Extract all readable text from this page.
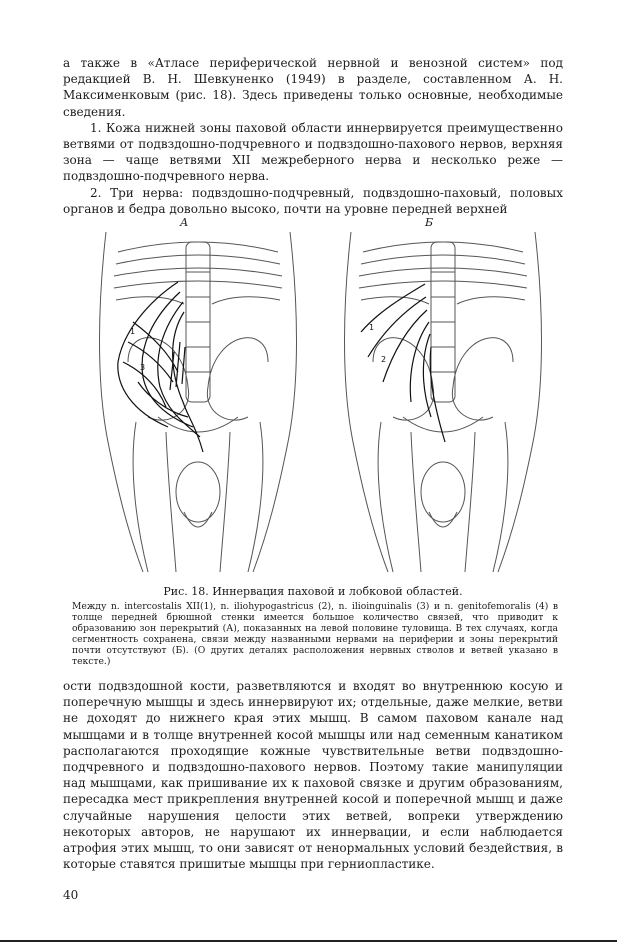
а также в «Атласе периферической нервной и венозной систем» под редакцией В. Н. Шевкуненко (1949) в разделе, составленном А. Н. Максименковым (рис. 18). Здесь приведены только основные, необходимые сведения.

1. Кожа нижней зоны паховой области иннервируется преимущественно ветвями от подвздошно-подчревного и подвздошно-пахового нервов, верхняя зона — чаще ветвями XII межреберного нерва и несколько реже — подвздошно-подчревного нерва.

2. Три нерва: подвздошно-подчревный, подвздошно-паховый, половых органов и бедра довольно высоко, почти на уровне передней верхней

А
1
3
Б
1
2
Рис. 18. Иннервация паховой и лобковой областей.
Между n. intercostalis XII(1), n. iliohypogastricus (2), n. ilioinguinalis (3) и n. genitofemoralis (4) в толще передней брюшной стенки имеется большое количество связей, что приводит к образованию зон перекрытий (А), показанных на левой половине туловища. В тех случаях, когда сегментность сохранена, связи между названными нервами на периферии и зоны перекрытий почти отсутствуют (Б). (О других деталях расположения нервных стволов и ветвей указано в тексте.)

ости подвздошной кости, разветвляются и входят во внутреннюю косую и поперечную мышцы и здесь иннервируют их; отдельные, даже мелкие, ветви не доходят до нижнего края этих мышц. В самом паховом канале над мышцами и в толще внутренней косой мышцы или над семенным канатиком располагаются проходящие кожные чувствительные ветви подвздошно-подчревного и подвздошно-пахового нервов. Поэтому такие манипуляции над мышцами, как пришивание их к паховой связке и другим образованиям, пересадка мест прикрепления внутренней косой и поперечной мышц и даже случайные нарушения целости этих ветвей, вопреки утверждению некоторых авторов, не нарушают их иннервации, и если наблюдается атрофия этих мышц, то они зависят от ненормальных условий бездействия, в которые ставятся пришитые мышцы при герниопластике.

40
